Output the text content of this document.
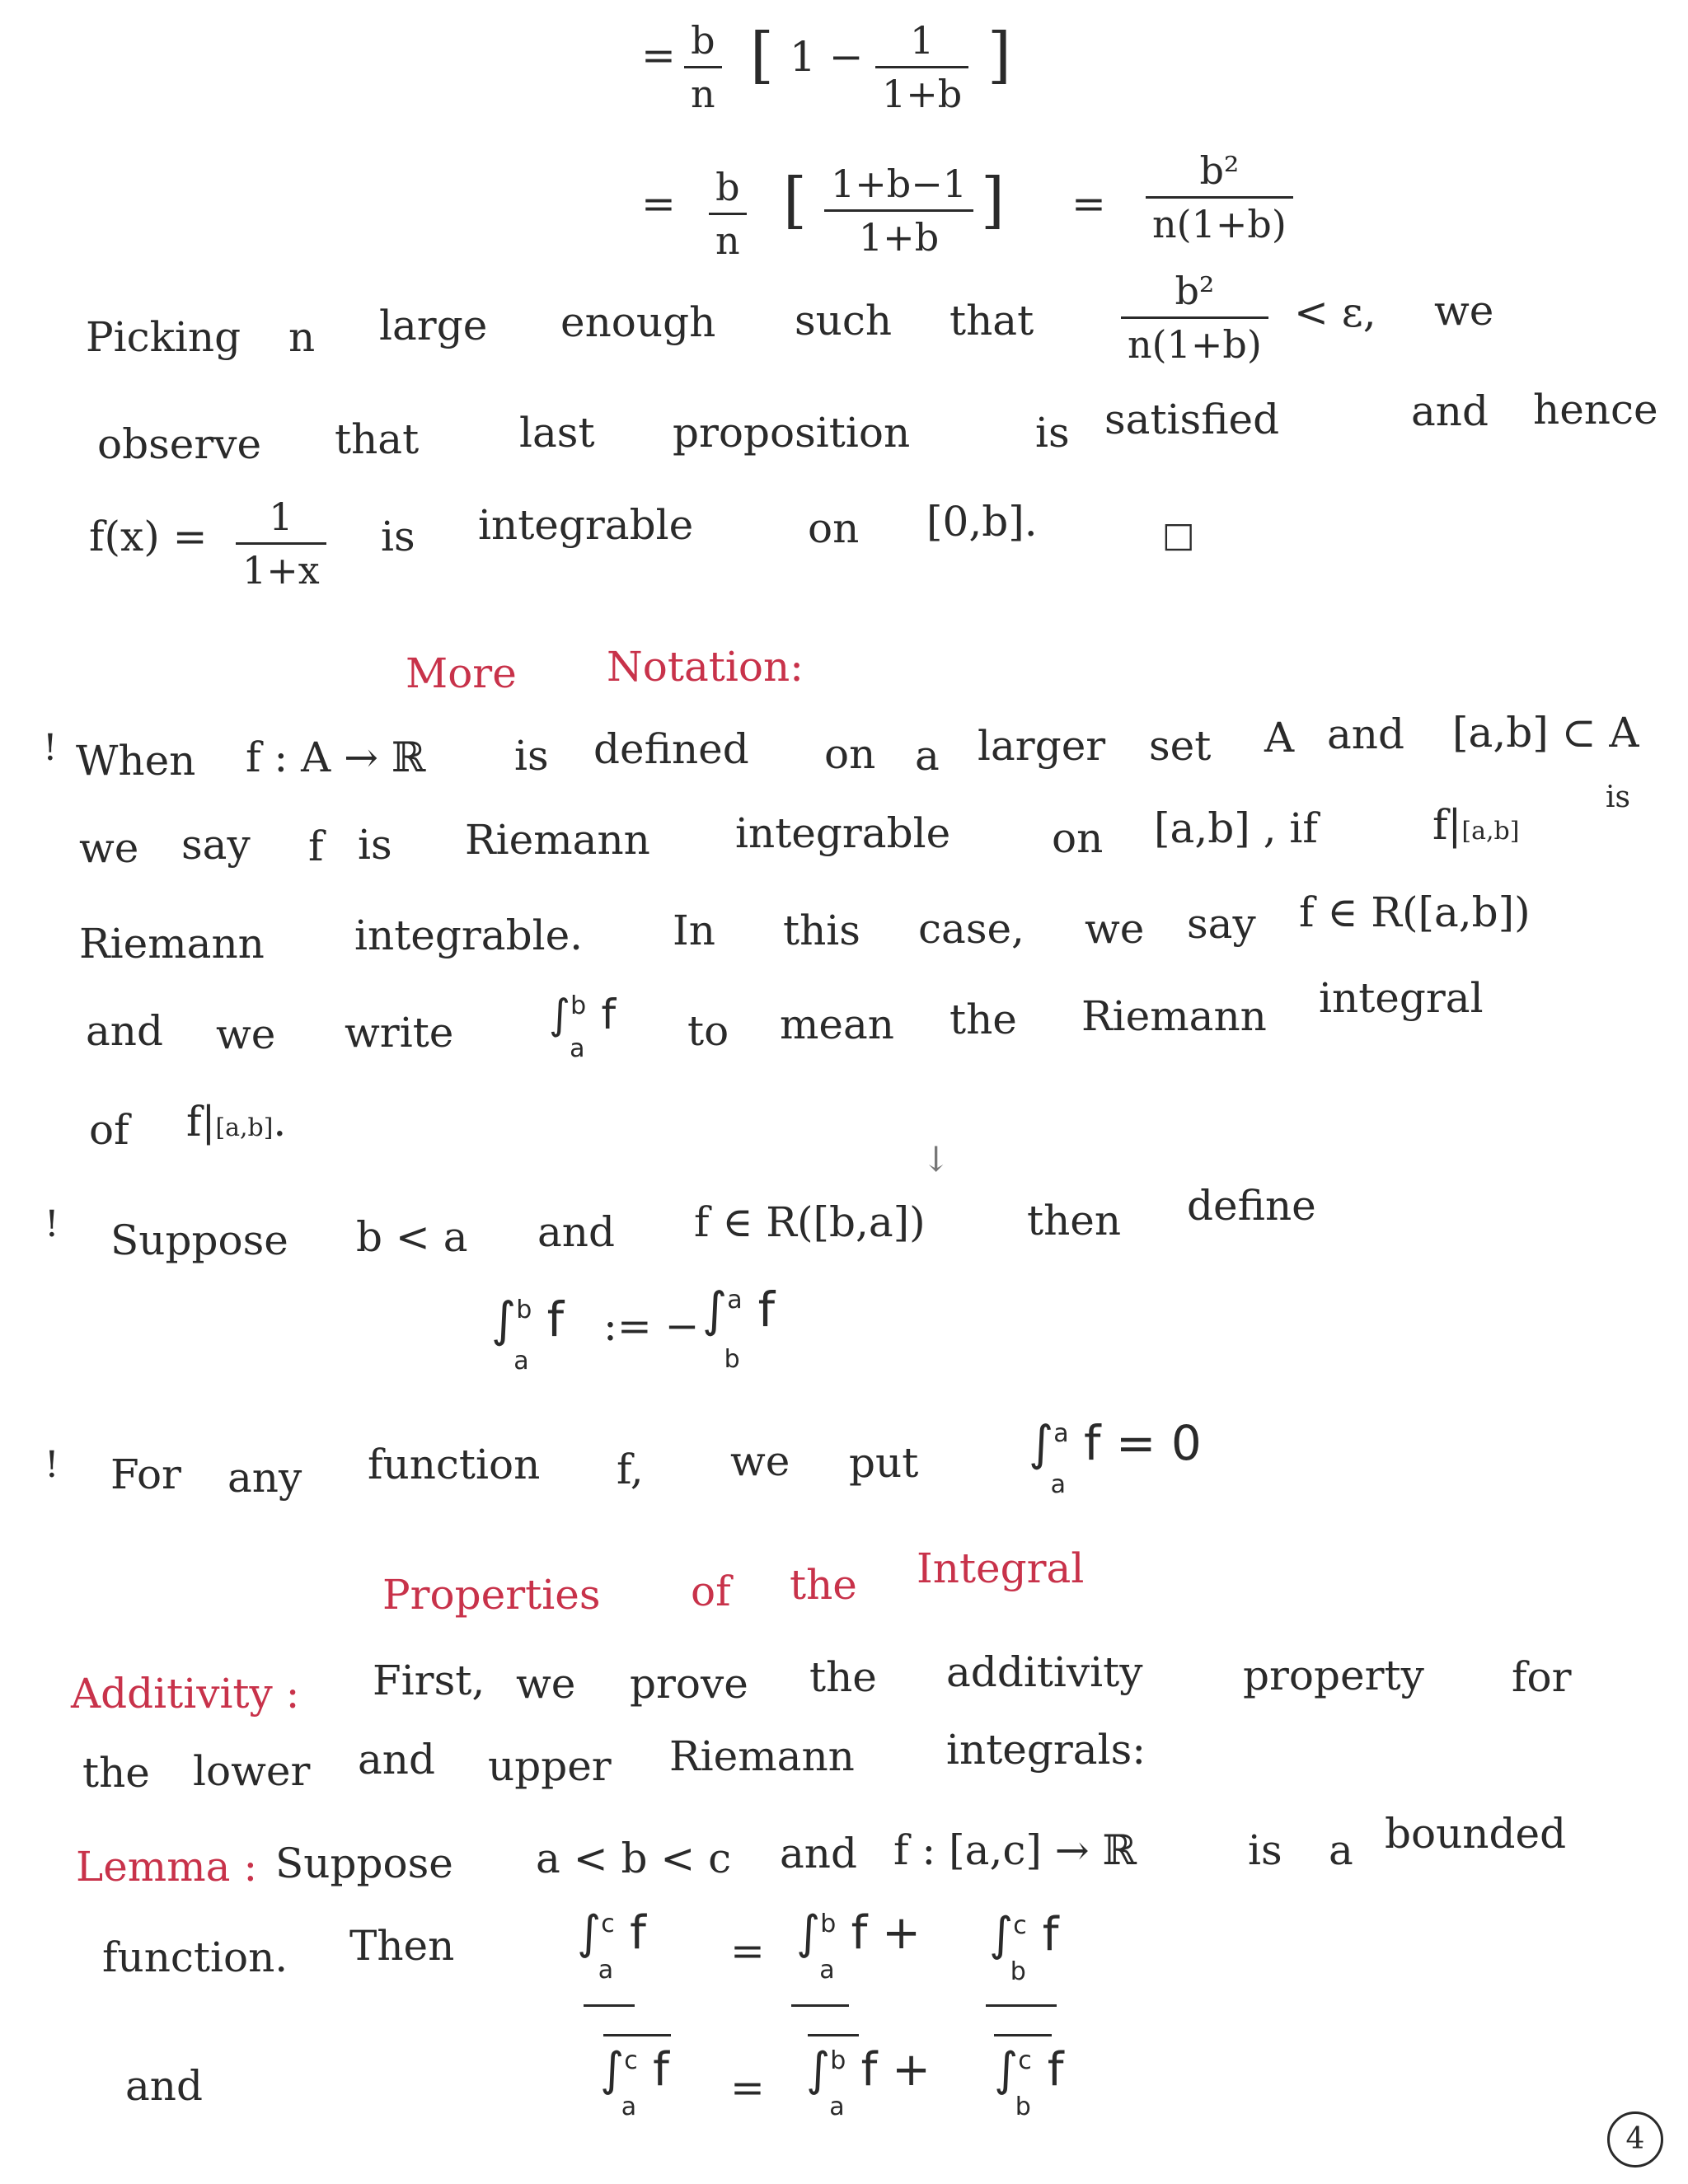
= b
n
[ 1 − 1
1+b
]
= b
n
[ 1+b−1
1+b
] =
b²
n(1+b)
Picking n large enough such that
b²
n(1+b)
< ε, we
observe that last proposition	is satisfied	and hence
f(x) = 1
1+x
is integrable	on [0,b].	□
More Notation:
! When f : A → ℝ is defined on a larger set A and [a,b] ⊂ A
we say f is Riemann integrable on [a,b] , if	f|[a,b]
is
Riemann integrable. In this case, we say f ∈ R([a,b])
and we write ∫$^b_a$f to mean the Riemann integral
of f|[a,b].
↓
! Suppose b < a and f ∈ R([b,a]) then define
∫$^b_a$f := − ∫$^a_b$f
! For any function f, we put ∫$^a_a$f = 0
Properties of the Integral
Additivity : First, we prove the additivity property for
the lower and upper Riemann integrals:
Lemma : Suppose a < b < c and f : [a,c] → ℝ	is a bounded
function. Then	∫$^c_a$f = ∫$^b_a$f + ∫$^c_b$f
and	∫$^c_a$f = ∫$^b_a$f + ∫$^c_b$f
4
